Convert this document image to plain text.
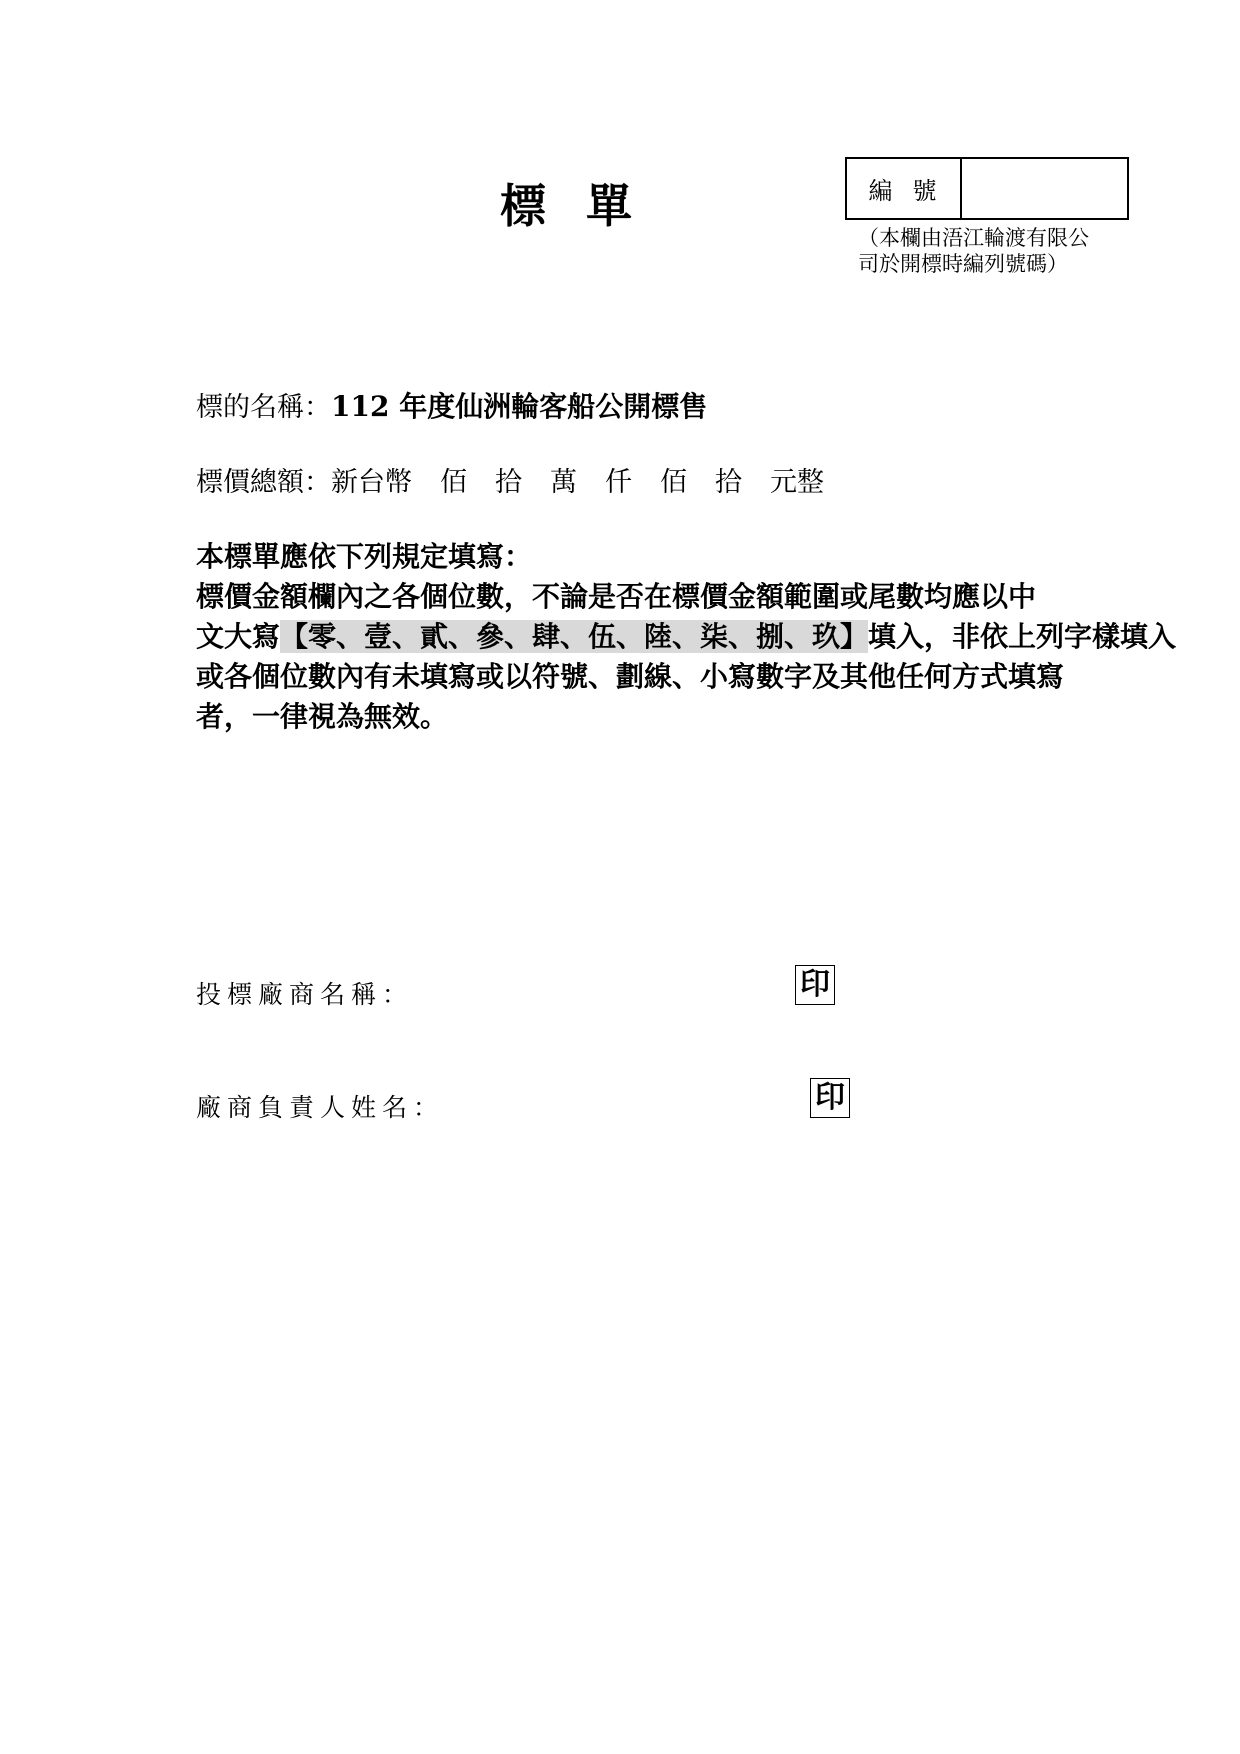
標 單	編號
（本欄由浯江輪渡有限公司於開標時編列號碼）
標的名稱：112 年度仙洲輪客船公開標售
標價總額：新台幣 佰 拾 萬 仟 佰 拾 元整

本標單應依下列規定填寫：

標價金額欄內之各個位數，不論是否在標價金額範圍或尾數均應以中

文大寫【零、壹、貳、參、肆、伍、陸、柒、捌、玖】填入，非依上列字樣填入

或各個位數內有未填寫或以符號、劃線、小寫數字及其他任何方式填寫

者，一律視為無效。

投標廠商名稱：	印
廠商負責人姓名：	印
